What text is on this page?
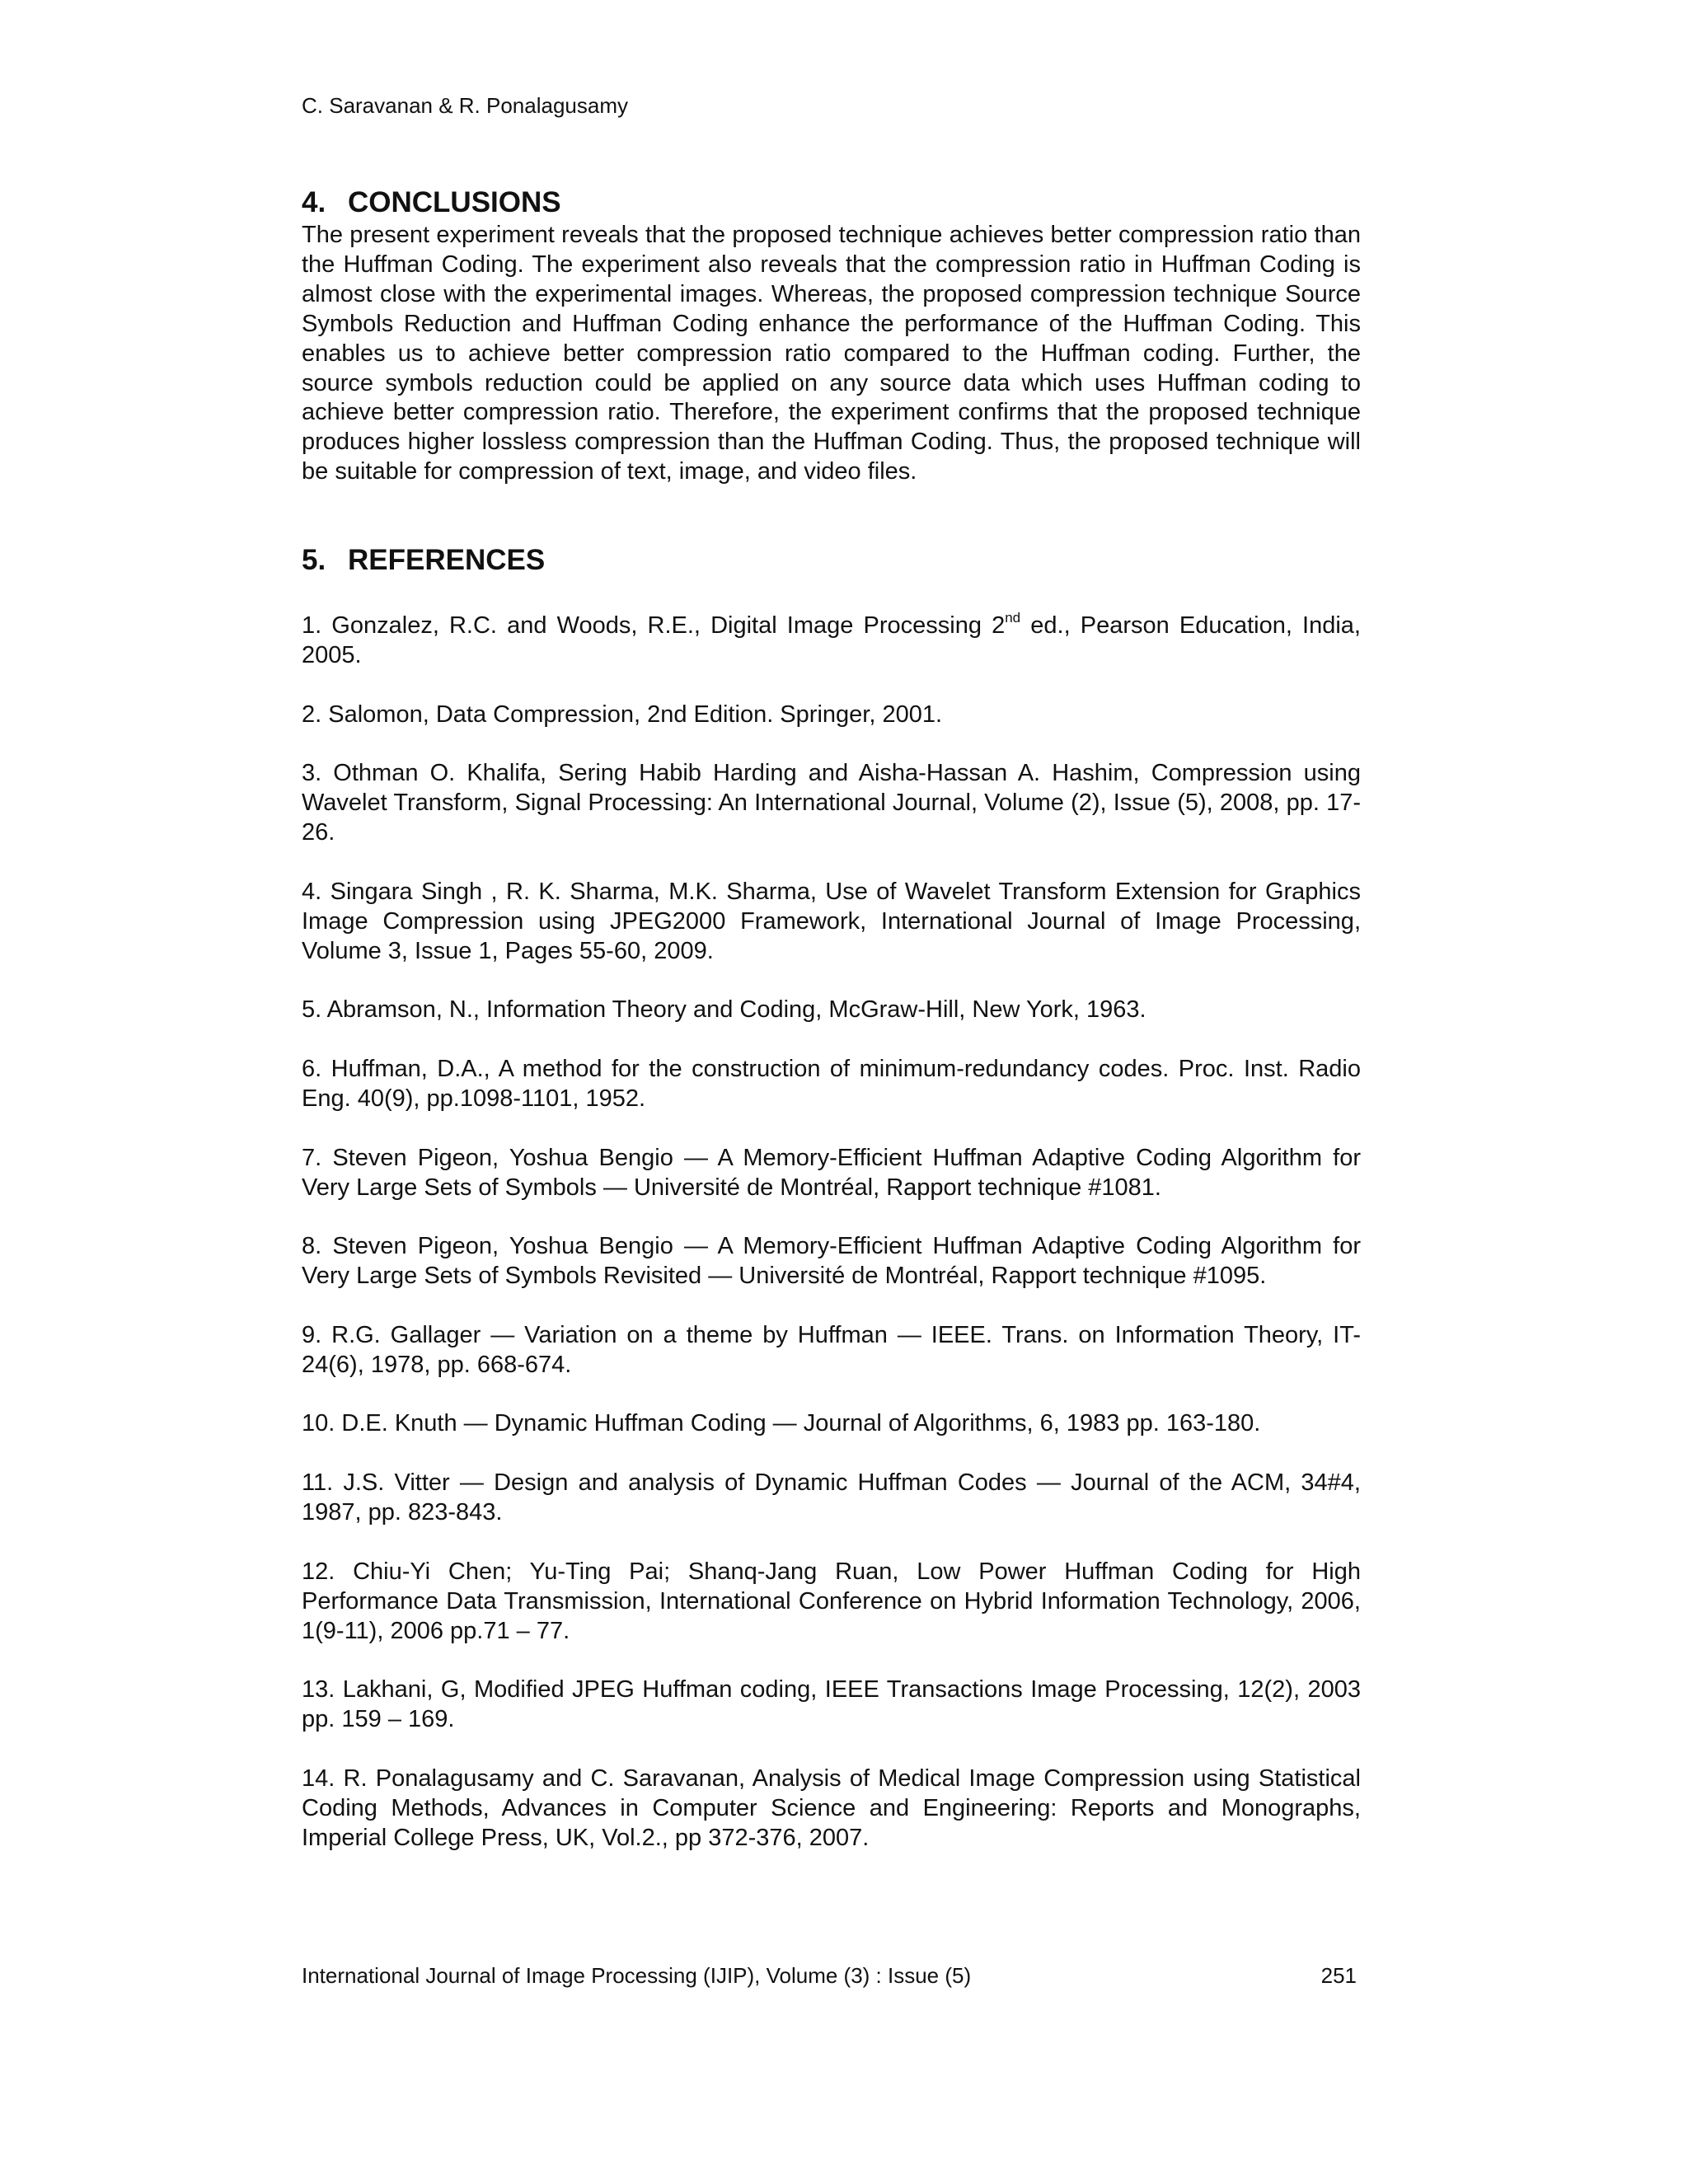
C. Saravanan & R. Ponalagusamy
4. CONCLUSIONS

The present experiment reveals that the proposed technique achieves better compression ratio than the Huffman Coding. The experiment also reveals that the compression ratio in Huffman Coding is almost close with the experimental images. Whereas, the proposed compression technique Source Symbols Reduction and Huffman Coding enhance the performance of the Huffman Coding. This enables us to achieve better compression ratio compared to the Huffman coding. Further, the source symbols reduction could be applied on any source data which uses Huffman coding to achieve better compression ratio. Therefore, the experiment confirms that the proposed technique produces higher lossless compression than the Huffman Coding. Thus, the proposed technique will be suitable for compression of text, image, and video files.

5. REFERENCES
1. Gonzalez, R.C. and Woods, R.E., Digital Image Processing 2nd ed., Pearson Education, India, 2005.
2. Salomon, Data Compression, 2nd Edition. Springer, 2001.
3. Othman O. Khalifa, Sering Habib Harding and Aisha-Hassan A. Hashim, Compression using Wavelet Transform, Signal Processing: An International Journal, Volume (2), Issue (5), 2008, pp. 17-26.
4. Singara Singh , R. K. Sharma, M.K. Sharma, Use of Wavelet Transform Extension for Graphics Image Compression using JPEG2000 Framework, International Journal of Image Processing, Volume 3, Issue 1, Pages 55-60, 2009.
5. Abramson, N., Information Theory and Coding, McGraw-Hill, New York, 1963.
6. Huffman, D.A., A method for the construction of minimum-redundancy codes. Proc. Inst. Radio Eng. 40(9), pp.1098-1101, 1952.
7. Steven Pigeon, Yoshua Bengio — A Memory-Efficient Huffman Adaptive Coding Algorithm for Very Large Sets of Symbols — Université de Montréal, Rapport technique #1081.
8. Steven Pigeon, Yoshua Bengio — A Memory-Efficient Huffman Adaptive Coding Algorithm for Very Large Sets of Symbols Revisited — Université de Montréal, Rapport technique #1095.
9. R.G. Gallager — Variation on a theme by Huffman — IEEE. Trans. on Information Theory, IT-24(6), 1978, pp. 668-674.
10. D.E. Knuth — Dynamic Huffman Coding — Journal of Algorithms, 6, 1983 pp. 163-180.
11. J.S. Vitter — Design and analysis of Dynamic Huffman Codes — Journal of the ACM, 34#4, 1987, pp. 823-843.
12. Chiu-Yi Chen; Yu-Ting Pai; Shanq-Jang Ruan, Low Power Huffman Coding for High Performance Data Transmission, International Conference on Hybrid Information Technology, 2006, 1(9-11), 2006 pp.71 – 77.
13. Lakhani, G, Modified JPEG Huffman coding, IEEE Transactions Image Processing, 12(2), 2003 pp. 159 – 169.
14. R. Ponalagusamy and C. Saravanan, Analysis of Medical Image Compression using Statistical Coding Methods, Advances in Computer Science and Engineering: Reports and Monographs, Imperial College Press, UK, Vol.2., pp 372-376, 2007.
International Journal of Image Processing (IJIP), Volume (3) : Issue (5)	251
